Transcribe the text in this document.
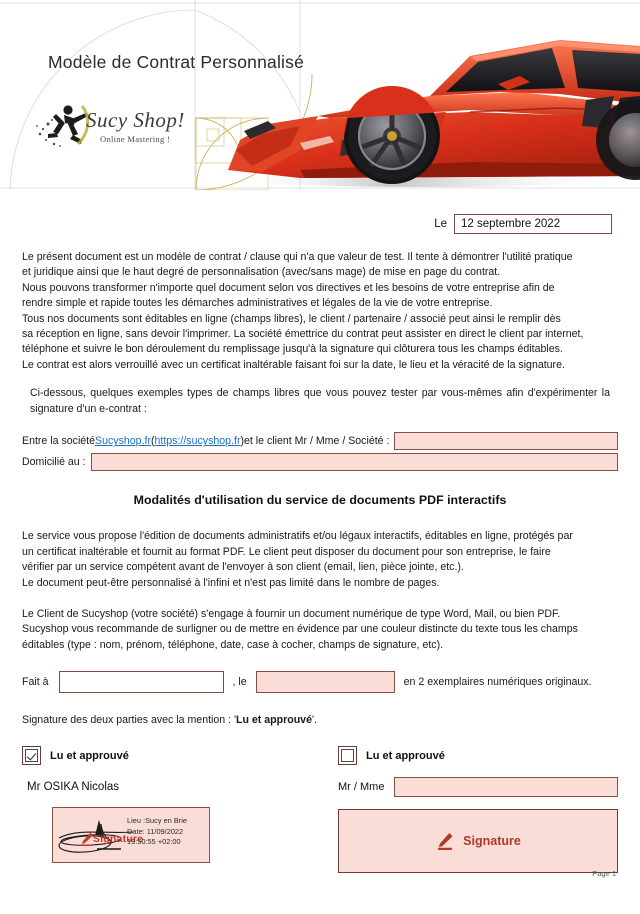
Modèle de Contrat Personnalisé
Sucy Shop!
Online Mastering !
Le	12 septembre 2022

Le présent document est un modèle de contrat / clause qui n'a que valeur de test. Il tente à démontrer l'utilité pratique

et juridique ainsi que le haut degré de personnalisation (avec/sans mage) de mise en page du contrat.

Nous pouvons transformer n'importe quel document selon vos directives et les besoins de votre entreprise afin de

rendre simple et rapide toutes les démarches administratives et légales de la vie de votre entreprise.

Tous nos documents sont éditables en ligne (champs libres), le client / partenaire / associé peut ainsi le remplir dès

sa réception en ligne, sans devoir l'imprimer. La société émettrice du contrat peut assister en direct le client par internet,

téléphone et suivre le bon déroulement du remplissage jusqu'à la signature qui clôturera tous les champs éditables.

Le contrat est alors verrouillé avec un certificat inaltérable faisant foi sur la date, le lieu et la véracité de la signature.

Ci-dessous, quelques exemples types de champs libres que vous pouvez tester par vous-mêmes afin d'expérimenter la signature d'un e-contrat :

Entre la société Sucyshop.fr ( https://sucyshop.fr ) et le client Mr / Mme / Société :
Domicilié au :
Modalités d'utilisation du service de documents PDF interactifs

Le service vous propose l'édition de documents administratifs et/ou légaux interactifs, éditables en ligne, protégés par

un certificat inaltérable et fournit au format PDF. Le client peut disposer du document pour son entreprise, le faire

vérifier par un service compétent avant de l'envoyer à son client (email, lien, pièce jointe, etc.).

Le document peut-être personnalisé à l'infini et n'est pas limité dans le nombre de pages.

Le Client de Sucyshop (votre société) s'engage à fournir un document numérique de type Word, Mail, ou bien PDF.

Sucyshop vous recommande de surligner ou de mettre en évidence par une couleur distincte du texte tous les champs

éditables (type : nom, prénom, téléphone, date, case à cocher, champs de signature, etc).

Fait à	, le	en 2 exemplaires numériques originaux.
Signature des deux parties avec la mention : 'Lu et approuvé'.
Lu et approuvé
Mr OSIKA Nicolas
Signature
Lieu :Sucy en Brie
Date: 11/09/2022
19:50:55 +02:00
Lu et approuvé
Mr / Mme
Signature
Page 1
